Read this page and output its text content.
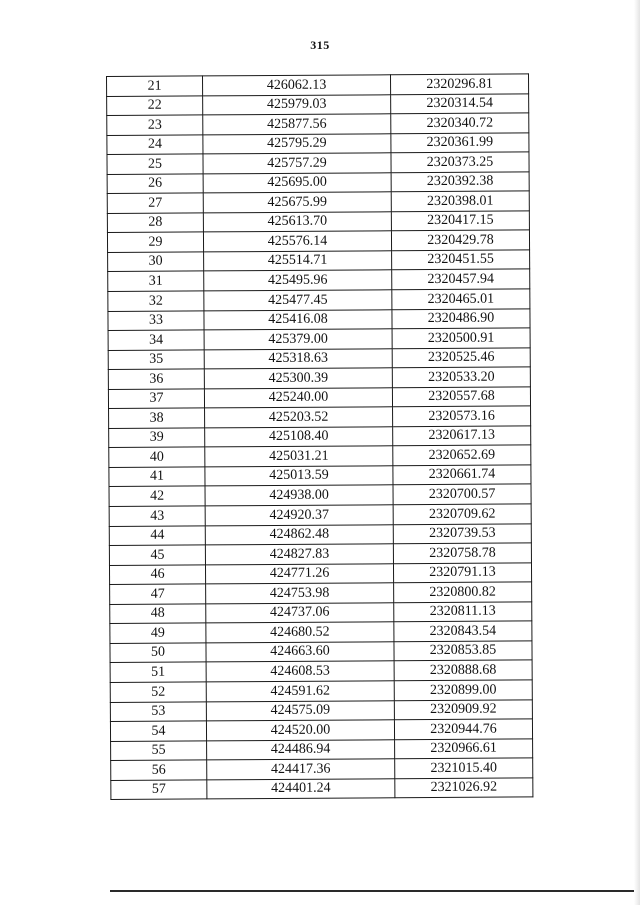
315
21	426062.13	2320296.81
22	425979.03	2320314.54
23	425877.56	2320340.72
24	425795.29	2320361.99
25	425757.29	2320373.25
26	425695.00	2320392.38
27	425675.99	2320398.01
28	425613.70	2320417.15
29	425576.14	2320429.78
30	425514.71	2320451.55
31	425495.96	2320457.94
32	425477.45	2320465.01
33	425416.08	2320486.90
34	425379.00	2320500.91
35	425318.63	2320525.46
36	425300.39	2320533.20
37	425240.00	2320557.68
38	425203.52	2320573.16
39	425108.40	2320617.13
40	425031.21	2320652.69
41	425013.59	2320661.74
42	424938.00	2320700.57
43	424920.37	2320709.62
44	424862.48	2320739.53
45	424827.83	2320758.78
46	424771.26	2320791.13
47	424753.98	2320800.82
48	424737.06	2320811.13
49	424680.52	2320843.54
50	424663.60	2320853.85
51	424608.53	2320888.68
52	424591.62	2320899.00
53	424575.09	2320909.92
54	424520.00	2320944.76
55	424486.94	2320966.61
56	424417.36	2321015.40
57	424401.24	2321026.92
